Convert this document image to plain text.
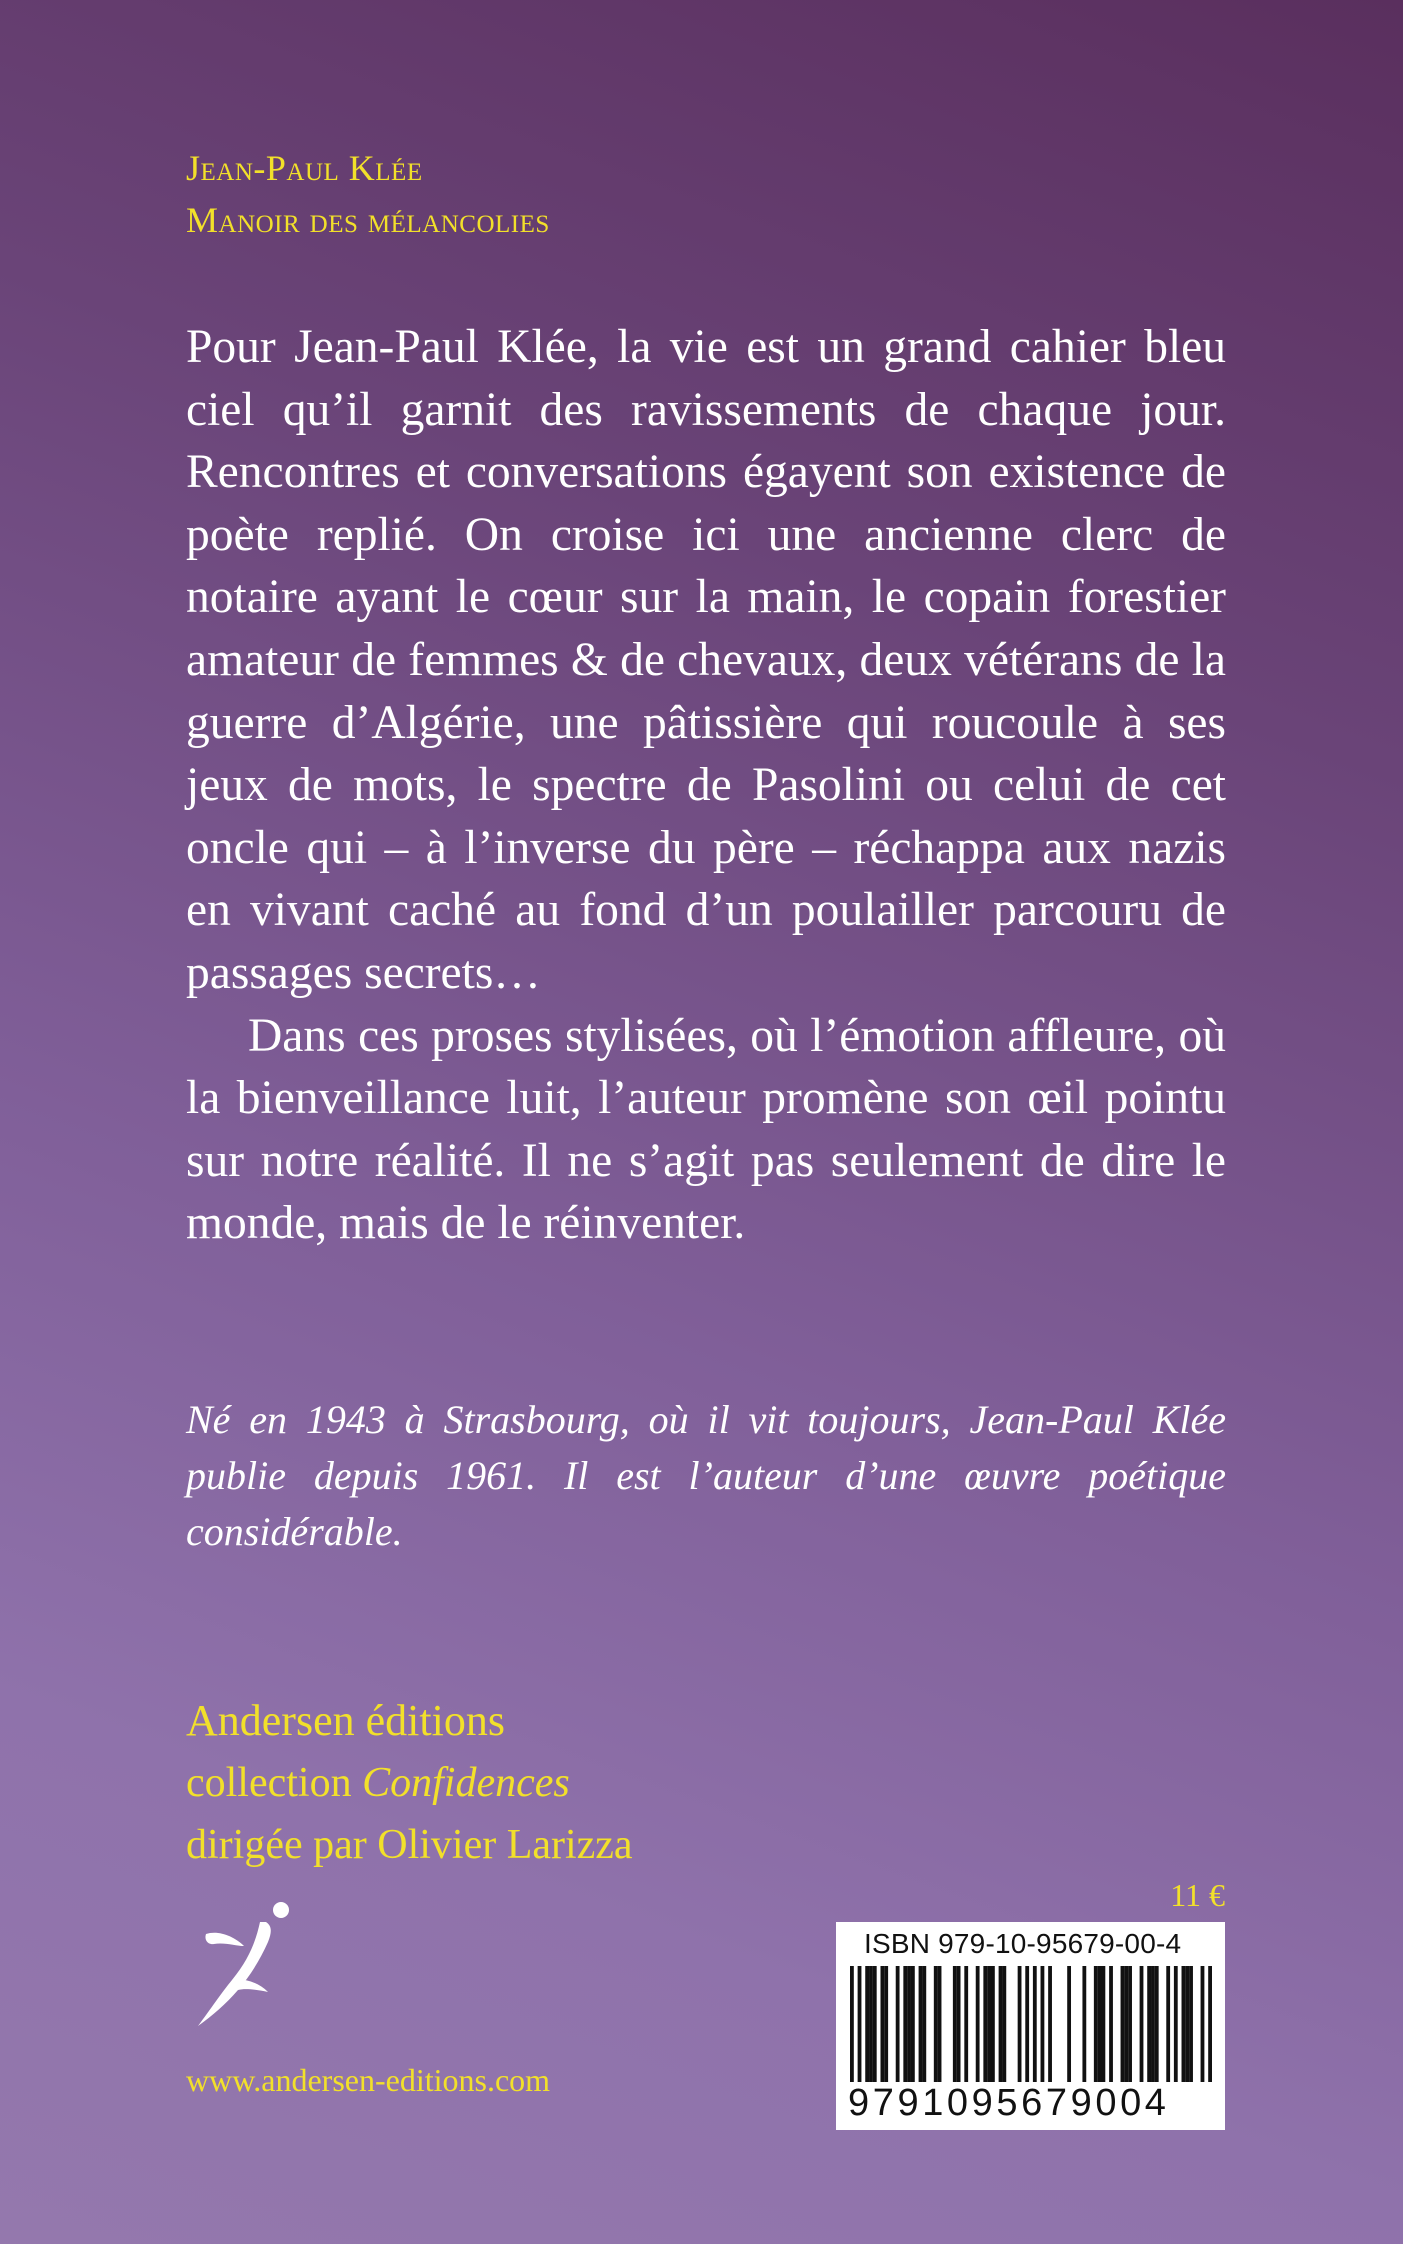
Jean-Paul Klée
Manoir des mélancolies

Pour Jean-Paul Klée, la vie est un grand cahier bleu ciel qu’il garnit des ravissements de chaque jour. Rencontres et conversations égayent son existence de poète replié. On croise ici une ancienne clerc de notaire ayant le cœur sur la main, le copain forestier amateur de femmes & de chevaux, deux vétérans de la guerre d’Algérie, une pâtissière qui roucoule à ses jeux de mots, le spectre de Pasolini ou celui de cet oncle qui – à l’inverse du père – réchappa aux nazis en vivant caché au fond d’un poulailler parcouru de passages secrets…

Dans ces proses stylisées, où l’émotion affleure, où la bienveillance luit, l’auteur promène son œil pointu sur notre réalité. Il ne s’agit pas seulement de dire le monde, mais de le réinventer.

Né en 1943 à Strasbourg, où il vit toujours, Jean-Paul Klée publie depuis 1961. Il est l’auteur d’une œuvre poétique considérable.

Andersen éditions
collection Confidences
dirigée par Olivier Larizza
www.andersen-editions.com
11 €
ISBN 979-10-95679-00-4
9791095679004
